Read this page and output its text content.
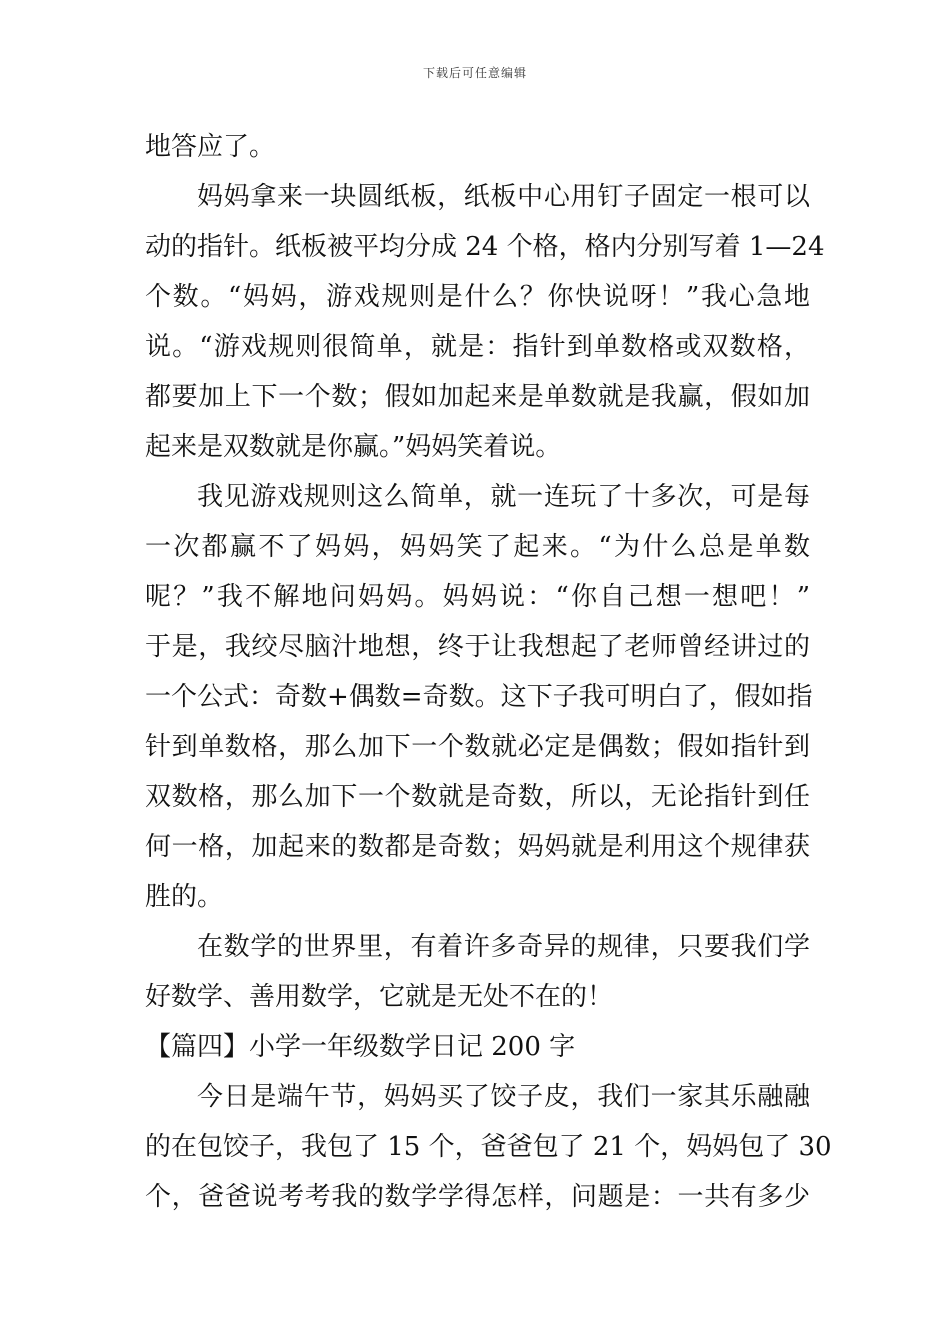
下载后可任意编辑
地答应了。
妈妈拿来一块圆纸板，纸板中心用钉子固定一根可以
动的指针。纸板被平均分成 24 个格，格内分别写着 1—24
个数。“妈妈，游戏规则是什么？你快说呀！”我心急地
说。“游戏规则很简单，就是：指针到单数格或双数格，
都要加上下一个数；假如加起来是单数就是我赢，假如加
起来是双数就是你赢。”妈妈笑着说。
我见游戏规则这么简单，就一连玩了十多次，可是每
一次都赢不了妈妈，妈妈笑了起来。“为什么总是单数
呢？”我不解地问妈妈。妈妈说：“你自己想一想吧！”
于是，我绞尽脑汁地想，终于让我想起了老师曾经讲过的
一个公式：奇数+偶数=奇数。这下子我可明白了，假如指
针到单数格，那么加下一个数就必定是偶数；假如指针到
双数格，那么加下一个数就是奇数，所以，无论指针到任
何一格，加起来的数都是奇数；妈妈就是利用这个规律获
胜的。
在数学的世界里，有着许多奇异的规律，只要我们学
好数学、善用数学，它就是无处不在的！
【篇四】小学一年级数学日记 200 字
今日是端午节，妈妈买了饺子皮，我们一家其乐融融
的在包饺子，我包了 15 个，爸爸包了 21 个，妈妈包了 30
个，爸爸说考考我的数学学得怎样，问题是：一共有多少
